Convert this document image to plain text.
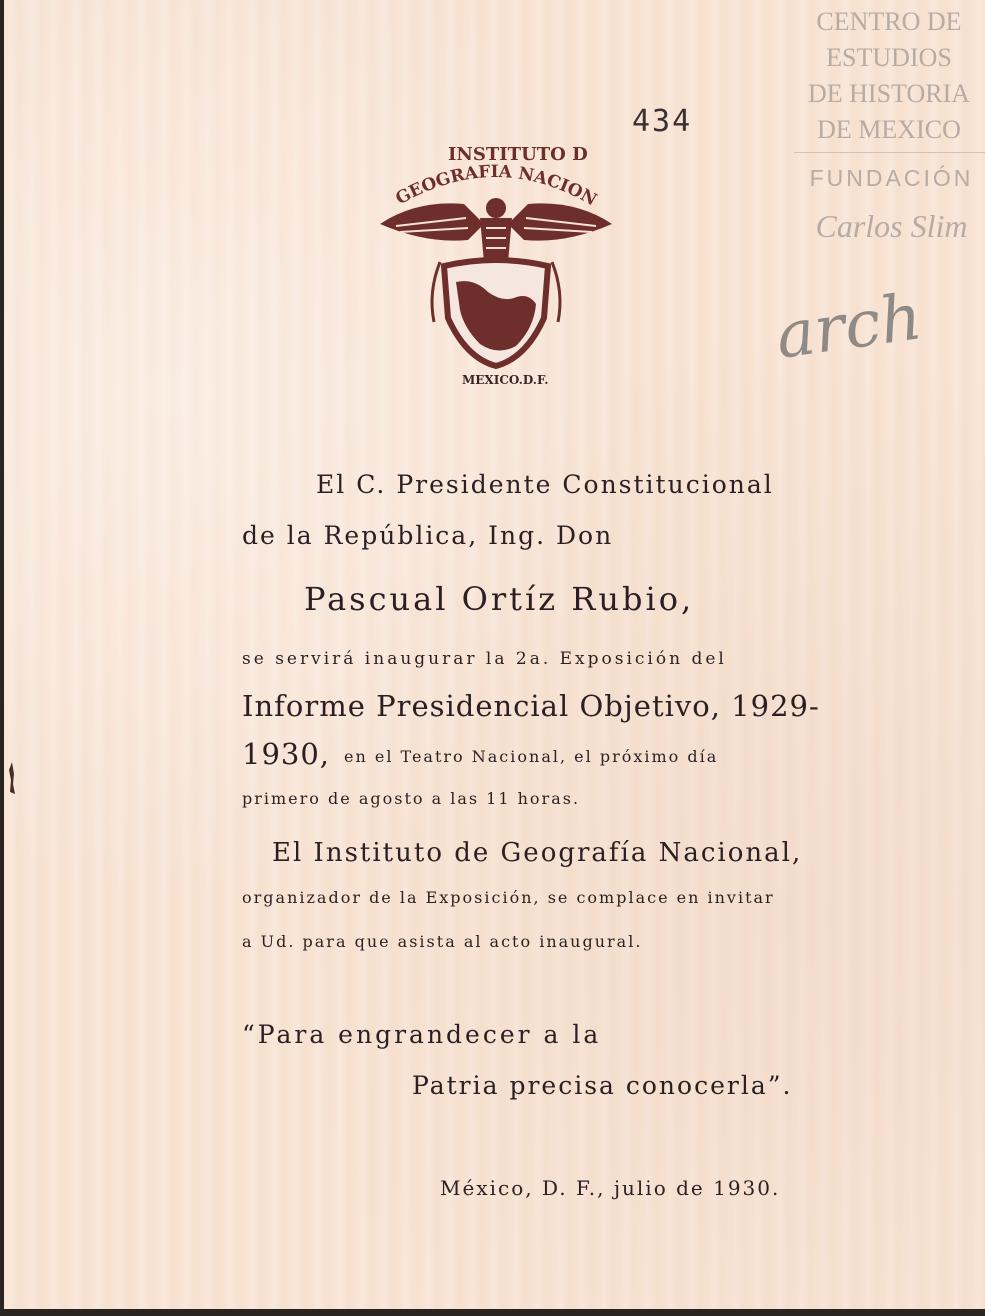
CENTRO DE
ESTUDIOS
DE HISTORIA
DE MEXICO
FUNDACIÓN
Carlos Slim
arch
434
INSTITUTO D
GEOGRAFIA NACION
MEXICO.D.F.
El C. Presidente Constitucional
de la República, Ing. Don
Pascual Ortíz Rubio,
se servirá inaugurar la 2a. Exposición del
Informe Presidencial Objetivo, 1929-
1930, en el Teatro Nacional, el próximo día
primero de agosto a las 11 horas.
El Instituto de Geografía Nacional,
organizador de la Exposición, se complace en invitar
a Ud. para que asista al acto inaugural.
“Para engrandecer a la
Patria precisa conocerla”.
México, D. F., julio de 1930.
